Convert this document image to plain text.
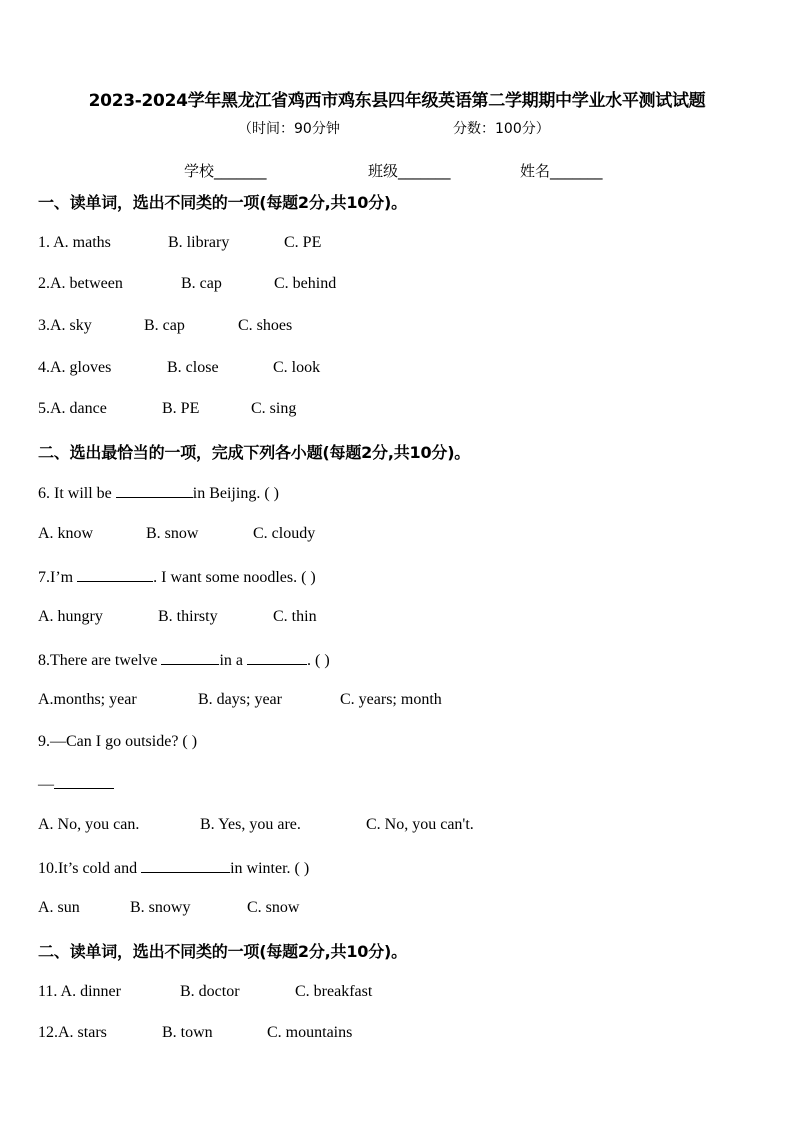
2023-2024学年黑龙江省鸡西市鸡东县四年级英语第二学期期中学业水平测试试题
（时间：90分钟	分数：100分）
学校_______	班级_______	姓名_______
一、读单词，选出不同类的一项(每题2分,共10分)。
1. A. maths	B. library	C. PE
2.A. between	B. cap	C. behind
3.A. sky	B. cap	C. shoes
4.A. gloves	B. close	C. look
5.A. dance	B. PE	C. sing
二、选出最恰当的一项，完成下列各小题(每题2分,共10分)。
6. It will be	in Beijing. ( )
A. know	B. snow	C. cloudy
7.I’m	. I want some noodles. ( )
A. hungry	B. thirsty	C. thin
8.There are twelve	in a	. ( )
A.months; year	B. days; year	C. years; month
9.—Can I go outside? ( )
—
A. No, you can.	B. Yes, you are.	C. No, you can't.
10.It’s cold and	in winter. ( )
A. sun	B. snowy	C. snow
二、读单词，选出不同类的一项(每题2分,共10分)。
11. A. dinner	B. doctor	C. breakfast
12.A. stars	B. town	C. mountains
